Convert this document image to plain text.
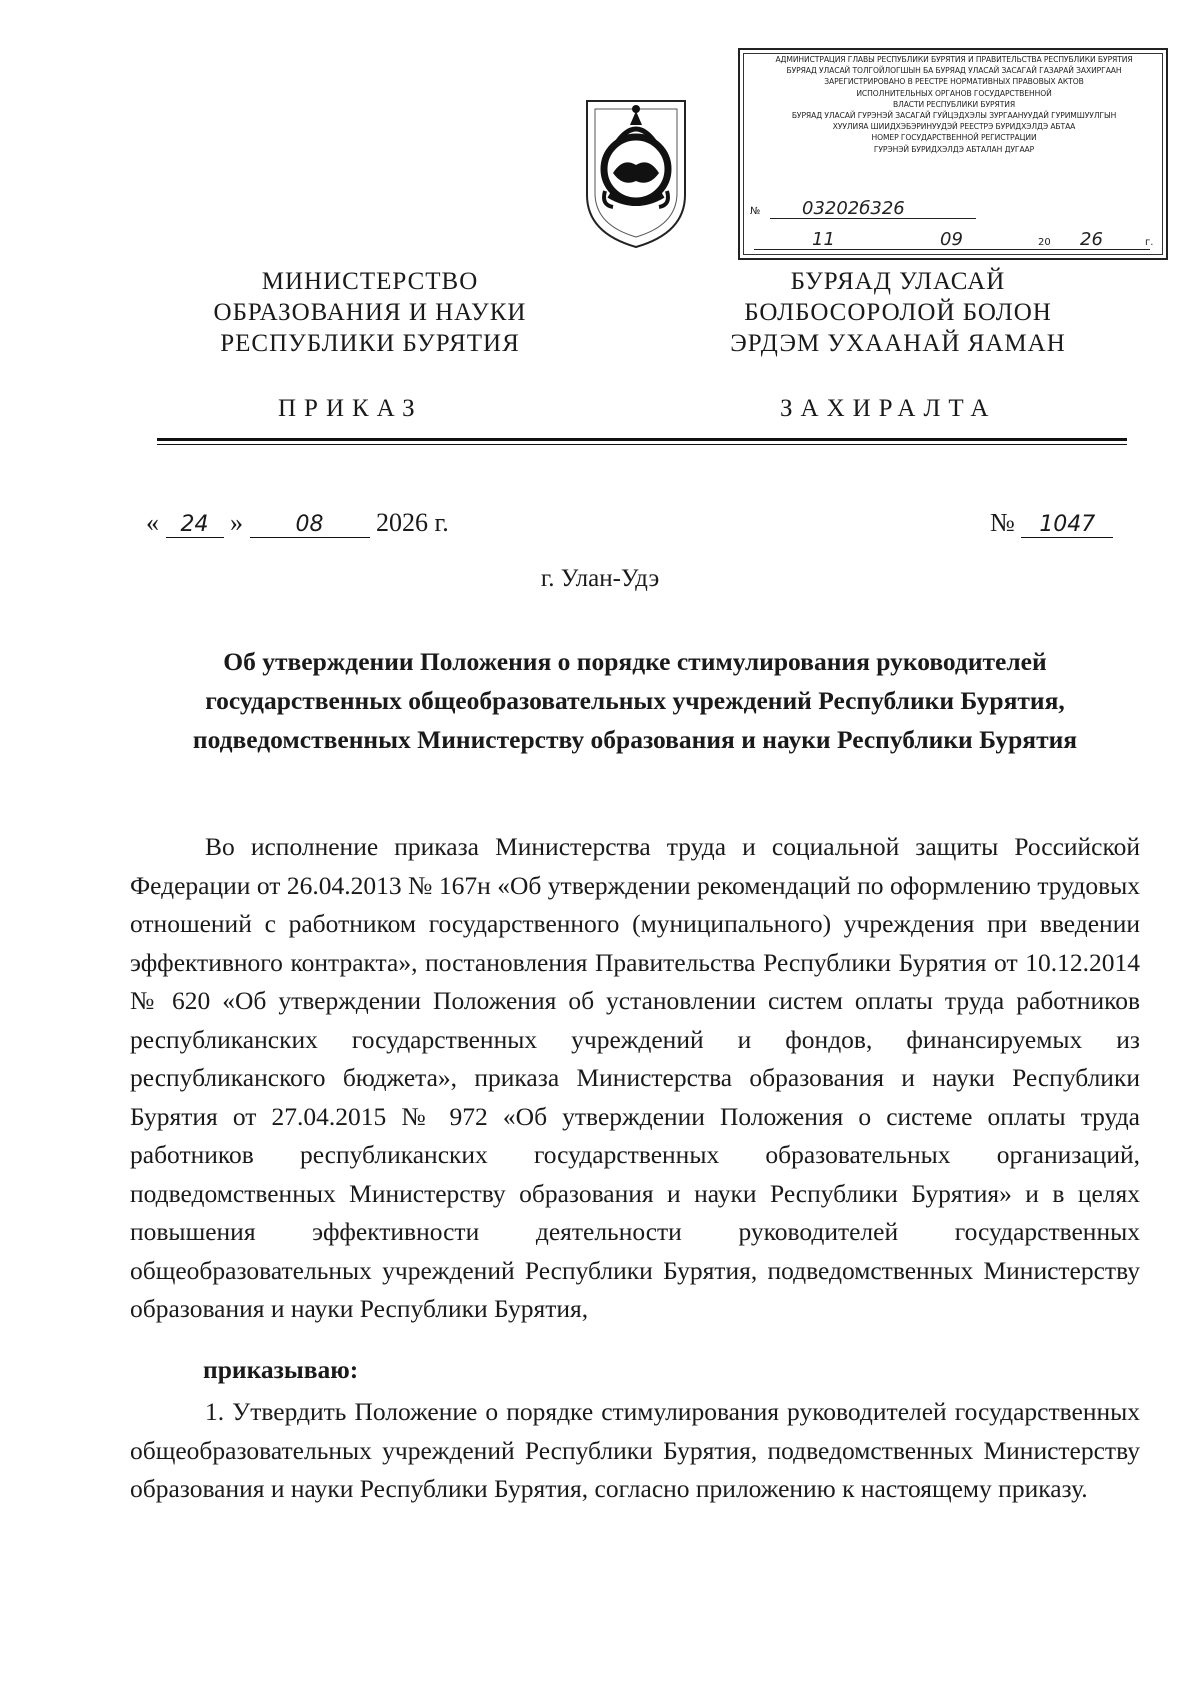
АДМИНИСТРАЦИЯ ГЛАВЫ РЕСПУБЛИКИ БУРЯТИЯ И ПРАВИТЕЛЬСТВА РЕСПУБЛИКИ БУРЯТИЯ
БУРЯАД УЛАСАЙ ТОЛГОЙЛОГШЫН БА БУРЯАД УЛАСАЙ ЗАСАГАЙ ГАЗАРАЙ ЗАХИРГААН
ЗАРЕГИСТРИРОВАНО В РЕЕСТРЕ НОРМАТИВНЫХ ПРАВОВЫХ АКТОВ
ИСПОЛНИТЕЛЬНЫХ ОРГАНОВ ГОСУДАРСТВЕННОЙ
ВЛАСТИ РЕСПУБЛИКИ БУРЯТИЯ
БУРЯАД УЛАСАЙ ГУРЭНЭЙ ЗАСАГАЙ ГУЙЦЭДХЭЛЫ ЗУРГААНУУДАЙ ГУРИМШУУЛГЫН
ХУУЛИЯА ШИИДХЭБЭРИНУУДЭЙ РЕЕСТРЭ БУРИДХЭЛДЭ АБТАА
НОМЕР ГОСУДАРСТВЕННОЙ РЕГИСТРАЦИИ
ГУРЭНЭЙ БУРИДХЭЛДЭ АБТАЛАН ДУГААР
№ 03202б326
11	09	20 26	г.
МИНИСТЕРСТВО
ОБРАЗОВАНИЯ И НАУКИ
РЕСПУБЛИКИ БУРЯТИЯ
БУРЯАД УЛАСАЙ
БОЛБОСОРОЛОЙ БОЛОН
ЭРДЭМ УХААНАЙ ЯАМАН
ПРИКАЗ	ЗАХИРАЛТА
« 24 » 08 2026 г.	№ 1047
г. Улан-Удэ
Об утверждении Положения о порядке стимулирования руководителей государственных общеобразовательных учреждений Республики Бурятия, подведомственных Министерству образования и науки Республики Бурятия
Во исполнение приказа Министерства труда и социальной защиты Российской Федерации от 26.04.2013 № 167н «Об утверждении рекомендаций по оформлению трудовых отношений с работником государственного (муниципального) учреждения при введении эффективного контракта», постановления Правительства Республики Бурятия от 10.12.2014 № 620 «Об утверждении Положения об установлении систем оплаты труда работников республиканских государственных учреждений и фондов, финансируемых из республиканского бюджета», приказа Министерства образования и науки Республики Бурятия от 27.04.2015 № 972 «Об утверждении Положения о системе оплаты труда работников республиканских государственных образовательных организаций, подведомственных Министерству образования и науки Республики Бурятия» и в целях повышения эффективности деятельности руководителей государственных общеобразовательных учреждений Республики Бурятия, подведомственных Министерству образования и науки Республики Бурятия,
приказываю:
1. Утвердить Положение о порядке стимулирования руководителей государственных общеобразовательных учреждений Республики Бурятия, подведомственных Министерству образования и науки Республики Бурятия, согласно приложению к настоящему приказу.
